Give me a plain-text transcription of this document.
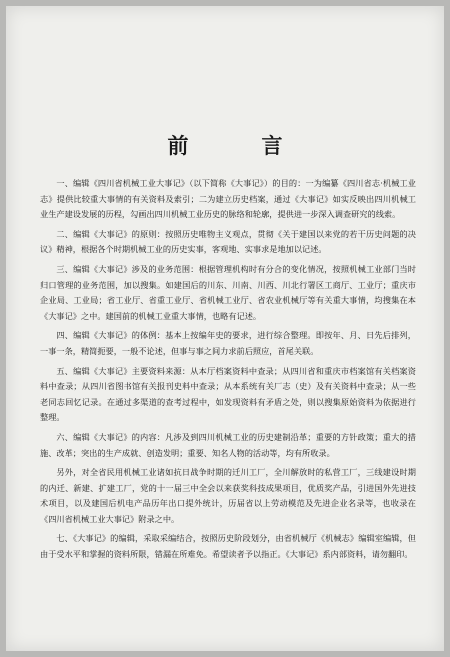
前　言

一、编辑《四川省机械工业大事记》（以下简称《大事记》）的目的：一为编纂《四川省志·机械工业志》提供比较重大事情的有关资料及索引；二为建立历史档案，通过《大事记》如实反映出四川机械工业生产建设发展的历程，勾画出四川机械工业历史的脉络和轮廓，提供进一步深入调查研究的线索。

二、编辑《大事记》的原则：按照历史唯物主义观点，贯彻《关于建国以来党的若干历史问题的决议》精神，根据各个时期机械工业的历史实事，客观地、实事求是地加以记述。

三、编辑《大事记》涉及的业务范围：根据管理机构时有分合的变化情况，按照机械工业部门当时归口管理的业务范围，加以搜集。如建国后的川东、川南、川西、川北行署区工商厅、工业厅；重庆市企业局、工业局；省工业厅、省重工业厅、省机械工业厅、省农业机械厅等有关重大事情，均搜集在本《大事记》之中。建国前的机械工业重大事情，也略有记述。

四、编辑《大事记》的体例：基本上按编年史的要求，进行综合整理。即按年、月、日先后排列，一事一条，精简扼要，一般不论述，但事与事之间力求前后照应，首尾关联。

五、编辑《大事记》主要资料来源：从本厅档案资料中查录；从四川省和重庆市档案馆有关档案资料中查录；从四川省图书馆有关报刊史料中查录；从本系统有关厂志（史）及有关资料中查录；从一些老同志回忆记录。在通过多渠道的查考过程中，如发现资料有矛盾之处，则以搜集原始资料为依据进行整理。

六、编辑《大事记》的内容：凡涉及到四川机械工业的历史建制沿革；重要的方针政策；重大的措施、改革；突出的生产成就、创造发明；重要、知名人物的活动等，均有所收录。

另外，对全省民用机械工业诸如抗日战争时期的迁川工厂，全川解放时的私营工厂，三线建设时期的内迁、新建、扩建工厂，党的十一届三中全会以来获奖科技成果项目，优质奖产品，引进国外先进技术项目，以及建国后机电产品历年出口提外统计，历届省以上劳动模范及先进企业名录等，也收录在《四川省机械工业大事记》附录之中。

七、《大事记》的编辑，采取采编结合，按照历史阶段划分，由省机械厅《机械志》编辑室编辑，但由于受水平和掌握的资料所限，错漏在所难免。希望读者予以指正。《大事记》系内部资料，请勿翻印。
